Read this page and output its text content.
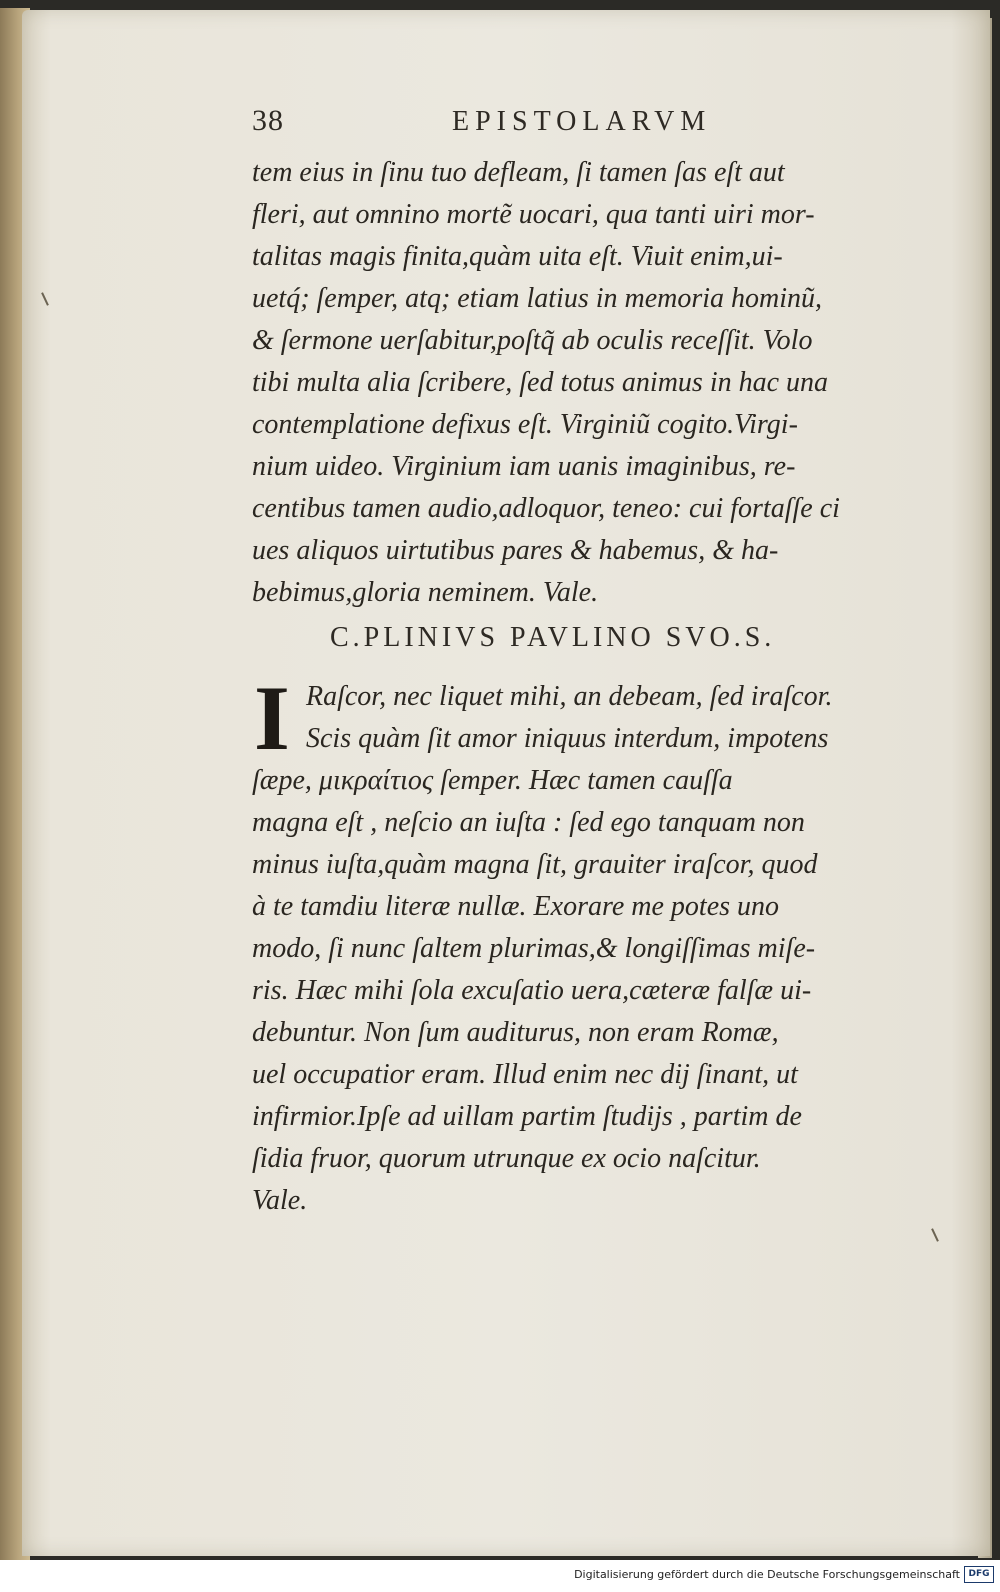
38	EPISTOLARVM
tem eius in ſinu tuo defleam, ſi tamen ſas eſt aut
fleri, aut omnino mortẽ uocari, qua tanti uiri mor-
talitas magis finita,quàm uita eſt. Viuit enim,ui-
uetq́; ſemper, atq; etiam latius in memoria hominũ,
& ſermone uerſabitur,poſtq̃ ab oculis receſſit. Volo
tibi multa alia ſcribere, ſed totus animus in hac una
contemplatione defixus eſt. Virginiũ cogito.Virgi-
nium uideo. Virginium iam uanis imaginibus, re-
centibus tamen audio,adloquor, teneo: cui fortaſſe ci
ues aliquos uirtutibus pares & habemus, & ha-
bebimus,gloria neminem. Vale.
C.PLINIVS PAVLINO SVO.S.
I Raſcor, nec liquet mihi, an debeam, ſed iraſcor.
Scis quàm ſit amor iniquus interdum, impotens
ſæpe, μικραίτιος ſemper. Hæc tamen cauſſa
magna eſt , neſcio an iuſta : ſed ego tanquam non
minus iuſta,quàm magna ſit, grauiter iraſcor, quod
à te tamdiu literæ nullæ. Exorare me potes uno
modo, ſi nunc ſaltem plurimas,& longiſſimas miſe-
ris. Hæc mihi ſola excuſatio uera,cæteræ falſæ ui-
debuntur. Non ſum auditurus, non eram Romæ,
uel occupatior eram. Illud enim nec dij ſinant, ut
infirmior.Ipſe ad uillam partim ſtudijs , partim de
ſidia fruor, quorum utrunque ex ocio naſcitur.
Vale.
Digitalisierung gefördert durch die Deutsche Forschungsgemeinschaft DFG
